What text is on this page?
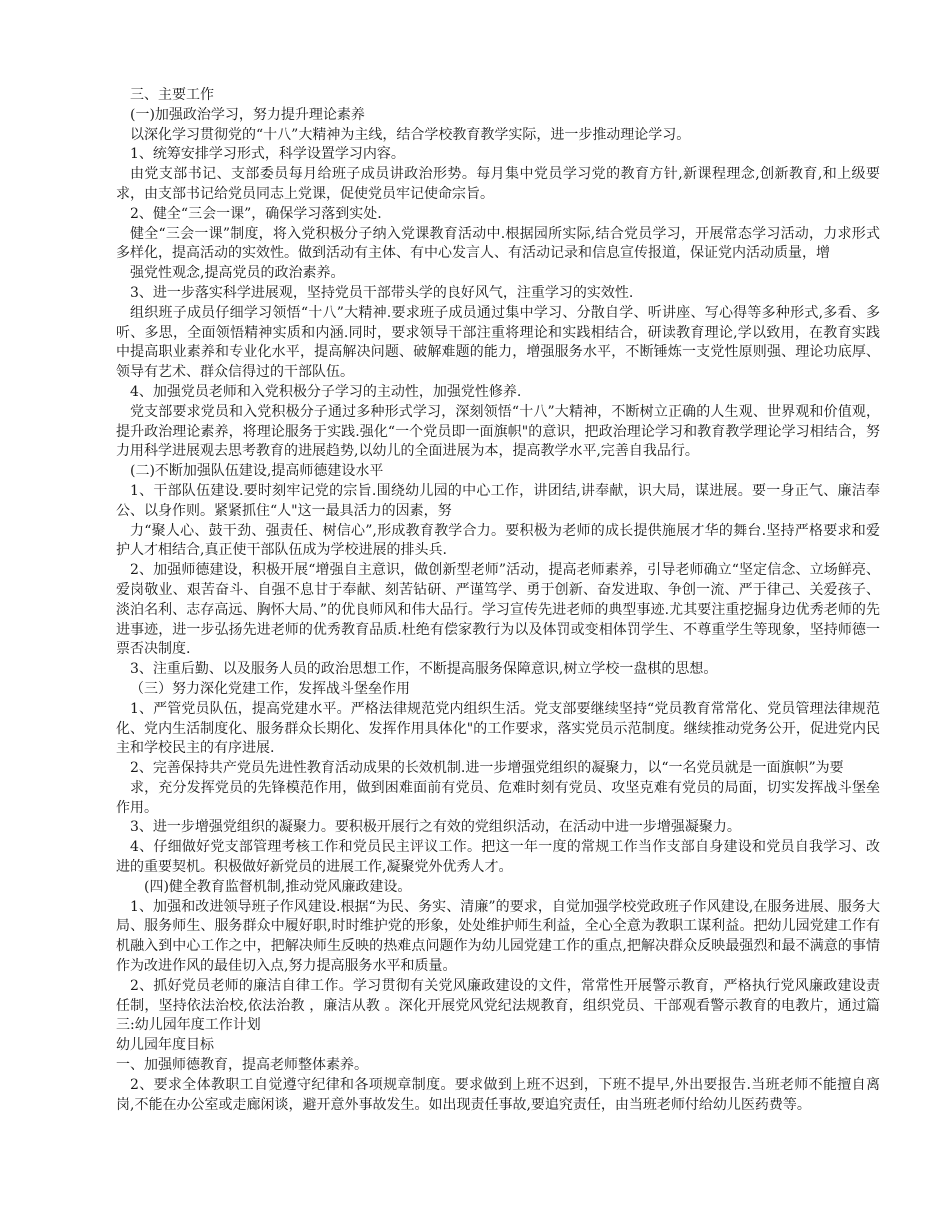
三、主要工作

(一)加强政治学习，努力提升理论素养

以深化学习贯彻党的“十八”大精神为主线，结合学校教育教学实际，进一步推动理论学习。

1、统筹安排学习形式，科学设置学习内容。

由党支部书记、支部委员每月给班子成员讲政治形势。每月集中党员学习党的教育方针,新课程理念,创新教育,和上级要求，由支部书记给党员同志上党课，促使党员牢记使命宗旨。

2、健全“三会一课”，确保学习落到实处.

健全“三会一课”制度，将入党积极分子纳入党课教育活动中.根据园所实际,结合党员学习，开展常态学习活动，力求形式多样化，提高活动的实效性。做到活动有主体、有中心发言人、有活动记录和信息宣传报道，保证党内活动质量，增

强党性观念,提高党员的政治素养。

3、进一步落实科学进展观，坚持党员干部带头学的良好风气，注重学习的实效性.

组织班子成员仔细学习领悟“十八”大精神.要求班子成员通过集中学习、分散自学、听讲座、写心得等多种形式,多看、多听、多思，全面领悟精神实质和内涵.同时，要求领导干部注重将理论和实践相结合，研读教育理论,学以致用，在教育实践中提高职业素养和专业化水平，提高解决问题、破解难题的能力，增强服务水平，不断锤炼一支党性原则强、理论功底厚、领导有艺术、群众信得过的干部队伍。

4、加强党员老师和入党积极分子学习的主动性，加强党性修养.

党支部要求党员和入党积极分子通过多种形式学习，深刻领悟“十八”大精神，不断树立正确的人生观、世界观和价值观，提升政治理论素养，将理论服务于实践.强化“一个党员即一面旗帜"的意识，把政治理论学习和教育教学理论学习相结合，努力用科学进展观去思考教育的进展趋势,以幼儿的全面进展为本，提高教学水平,完善自我品行。

(二)不断加强队伍建设,提高师德建设水平

1、干部队伍建设.要时刻牢记党的宗旨.围绕幼儿园的中心工作，讲团结,讲奉献，识大局，谋进展。要一身正气、廉洁奉公、以身作则。紧紧抓住“人"这一最具活力的因素，努

力“聚人心、鼓干劲、强责任、树信心”,形成教育教学合力。要积极为老师的成长提供施展才华的舞台.坚持严格要求和爱护人才相结合,真正使干部队伍成为学校进展的排头兵.

2、加强师德建设，积极开展“增强自主意识，做创新型老师”活动，提高老师素养，引导老师确立“坚定信念、立场鲜亮、爱岗敬业、艰苦奋斗、自强不息甘于奉献、刻苦钻研、严谨笃学、勇于创新、奋发进取、争创一流、严于律己、关爱孩子、淡泊名利、志存高远、胸怀大局、”的优良师风和伟大品行。学习宣传先进老师的典型事迹.尤其要注重挖掘身边优秀老师的先进事迹，进一步弘扬先进老师的优秀教育品质.杜绝有偿家教行为以及体罚或变相体罚学生、不尊重学生等现象，坚持师德一票否决制度.

3、注重后勤、以及服务人员的政治思想工作，不断提高服务保障意识,树立学校一盘棋的思想。

（三）努力深化党建工作，发挥战斗堡垒作用

1、严管党员队伍，提高党建水平。严格法律规范党内组织生活。党支部要继续坚持“党员教育常常化、党员管理法律规范化、党内生活制度化、服务群众长期化、发挥作用具体化"的工作要求，落实党员示范制度。继续推动党务公开，促进党内民主和学校民主的有序进展.

2、完善保持共产党员先进性教育活动成果的长效机制.进一步增强党组织的凝聚力，以“一名党员就是一面旗帜”为要

求，充分发挥党员的先锋模范作用，做到困难面前有党员、危难时刻有党员、攻坚克难有党员的局面，切实发挥战斗堡垒作用。

3、进一步增强党组织的凝聚力。要积极开展行之有效的党组织活动，在活动中进一步增强凝聚力。

4、仔细做好党支部管理考核工作和党员民主评议工作。把这一年一度的常规工作当作支部自身建设和党员自我学习、改进的重要契机。积极做好新党员的进展工作,凝聚党外优秀人才。

(四)健全教育监督机制,推动党风廉政建设。

1、加强和改进领导班子作风建设.根据“为民、务实、清廉”的要求，自觉加强学校党政班子作风建设,在服务进展、服务大局、服务师生、服务群众中履好职,时时维护党的形象，处处维护师生利益，全心全意为教职工谋利益。把幼儿园党建工作有机融入到中心工作之中，把解决师生反映的热难点问题作为幼儿园党建工作的重点,把解决群众反映最强烈和最不满意的事情作为改进作风的最佳切入点,努力提高服务水平和质量。

2、抓好党员老师的廉洁自律工作。学习贯彻有关党风廉政建设的文件，常常性开展警示教育，严格执行党风廉政建设责任制，坚持依法治校,依法治教 ，廉洁从教 。深化开展党风党纪法规教育，组织党员、干部观看警示教育的电教片，通过篇三:幼儿园年度工作计划

幼儿园年度目标

一、加强师德教育，提高老师整体素养。

2、要求全体教职工自觉遵守纪律和各项规章制度。要求做到上班不迟到，下班不提早,外出要报告.当班老师不能擅自离岗,不能在办公室或走廊闲谈，避开意外事故发生。如出现责任事故,要追究责任，由当班老师付给幼儿医药费等。
